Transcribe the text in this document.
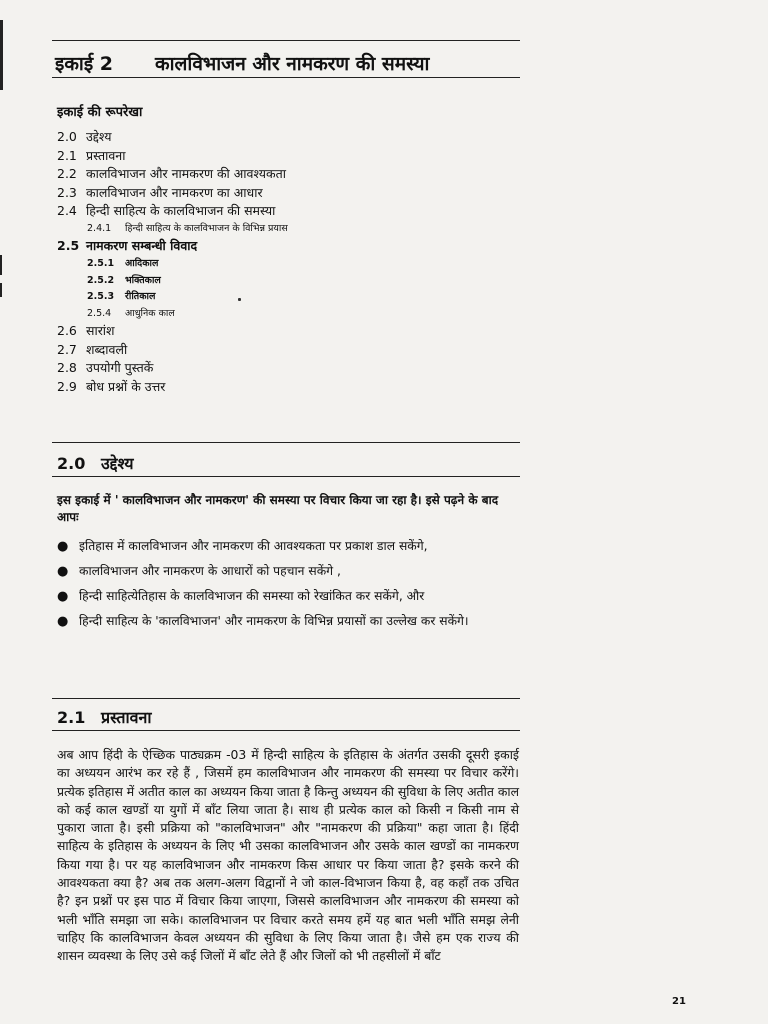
इकाई 2 कालविभाजन और नामकरण की समस्या
इकाई की रूपरेखा
2.0 उद्देश्य
2.1 प्रस्तावना
2.2 कालविभाजन और नामकरण की आवश्यकता
2.3 कालविभाजन और नामकरण का आधार
2.4 हिन्दी साहित्य के कालविभाजन की समस्या
2.4.1	हिन्दी साहित्य के कालविभाजन के विभिन्न प्रयास
2.5 नामकरण सम्बन्धी विवाद
2.5.1	आदिकाल
2.5.2	भक्तिकाल
2.5.3	रीतिकाल
2.5.4	आधुनिक काल
2.6 सारांश
2.7 शब्दावली
2.8 उपयोगी पुस्तकें
2.9 बोध प्रश्नों के उत्तर
2.0 उद्देश्य
इस इकाई में ' कालविभाजन और नामकरण' की समस्या पर विचार किया जा रहा है। इसे पढ़ने के बाद आपः
● इतिहास में कालविभाजन और नामकरण की आवश्यकता पर प्रकाश डाल सकेंगे,
● कालविभाजन और नामकरण के आधारों को पहचान सकेंगे ,
● हिन्दी साहित्येतिहास के कालविभाजन की समस्या को रेखांकित कर सकेंगे, और
● हिन्दी साहित्य के 'कालविभाजन' और नामकरण के विभिन्न प्रयासों का उल्लेख कर सकेंगे।
2.1 प्रस्तावना
अब आप हिंदी के ऐच्छिक पाठ्यक्रम -03 में हिन्दी साहित्य के इतिहास के अंतर्गत उसकी दूसरी इकाई का अध्ययन आरंभ कर रहे हैं , जिसमें हम कालविभाजन और नामकरण की समस्या पर विचार करेंगे। प्रत्येक इतिहास में अतीत काल का अध्ययन किया जाता है किन्तु अध्ययन की सुविधा के लिए अतीत काल को कई काल खण्डों या युगों में बाँट लिया जाता है। साथ ही प्रत्येक काल को किसी न किसी नाम से पुकारा जाता है। इसी प्रक्रिया को "कालविभाजन" और "नामकरण की प्रक्रिया" कहा जाता है। हिंदी साहित्य के इतिहास के अध्ययन के लिए भी उसका कालविभाजन और उसके काल खण्डों का नामकरण किया गया है। पर यह कालविभाजन और नामकरण किस आधार पर किया जाता है? इसके करने की आवश्यकता क्या है? अब तक अलग-अलग विद्वानों ने जो काल-विभाजन किया है, वह कहाँ तक उचित है? इन प्रश्नों पर इस पाठ में विचार किया जाएगा, जिससे कालविभाजन और नामकरण की समस्या को भली भाँति समझा जा सके। कालविभाजन पर विचार करते समय हमें यह बात भली भाँति समझ लेनी चाहिए कि कालविभाजन केवल अध्ययन की सुविधा के लिए किया जाता है। जैसे हम एक राज्य की शासन व्यवस्था के लिए उसे कई जिलों में बाँट लेते हैं और जिलों को भी तहसीलों में बाँट
21
